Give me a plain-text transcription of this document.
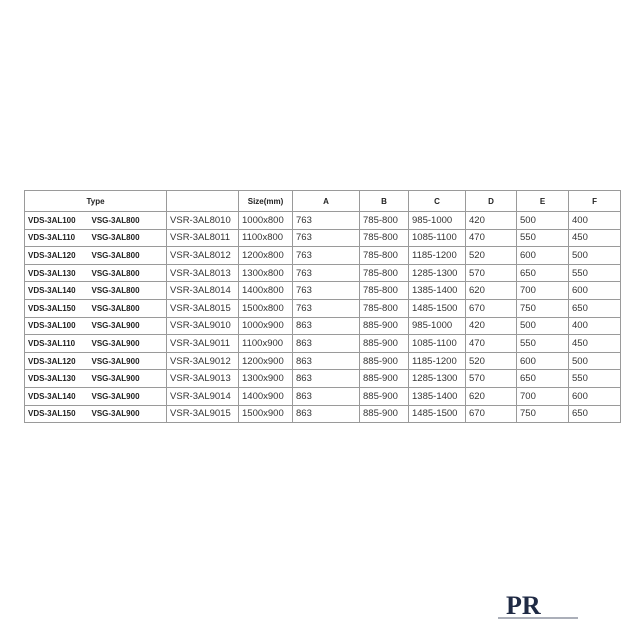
Type			Size(mm)	A	B	C	D	E	F
VDS-3AL100	VSG-3AL800	VSR-3AL8010	1000x800	763	785-800	985-1000	420	500	400
VDS-3AL110	VSG-3AL800	VSR-3AL8011	1100x800	763	785-800	1085-1100	470	550	450
VDS-3AL120	VSG-3AL800	VSR-3AL8012	1200x800	763	785-800	1185-1200	520	600	500
VDS-3AL130	VSG-3AL800	VSR-3AL8013	1300x800	763	785-800	1285-1300	570	650	550
VDS-3AL140	VSG-3AL800	VSR-3AL8014	1400x800	763	785-800	1385-1400	620	700	600
VDS-3AL150	VSG-3AL800	VSR-3AL8015	1500x800	763	785-800	1485-1500	670	750	650
VDS-3AL100	VSG-3AL900	VSR-3AL9010	1000x900	863	885-900	985-1000	420	500	400
VDS-3AL110	VSG-3AL900	VSR-3AL9011	1100x900	863	885-900	1085-1100	470	550	450
VDS-3AL120	VSG-3AL900	VSR-3AL9012	1200x900	863	885-900	1185-1200	520	600	500
VDS-3AL130	VSG-3AL900	VSR-3AL9013	1300x900	863	885-900	1285-1300	570	650	550
VDS-3AL140	VSG-3AL900	VSR-3AL9014	1400x900	863	885-900	1385-1400	620	700	600
VDS-3AL150	VSG-3AL900	VSR-3AL9015	1500x900	863	885-900	1485-1500	670	750	650
PR
